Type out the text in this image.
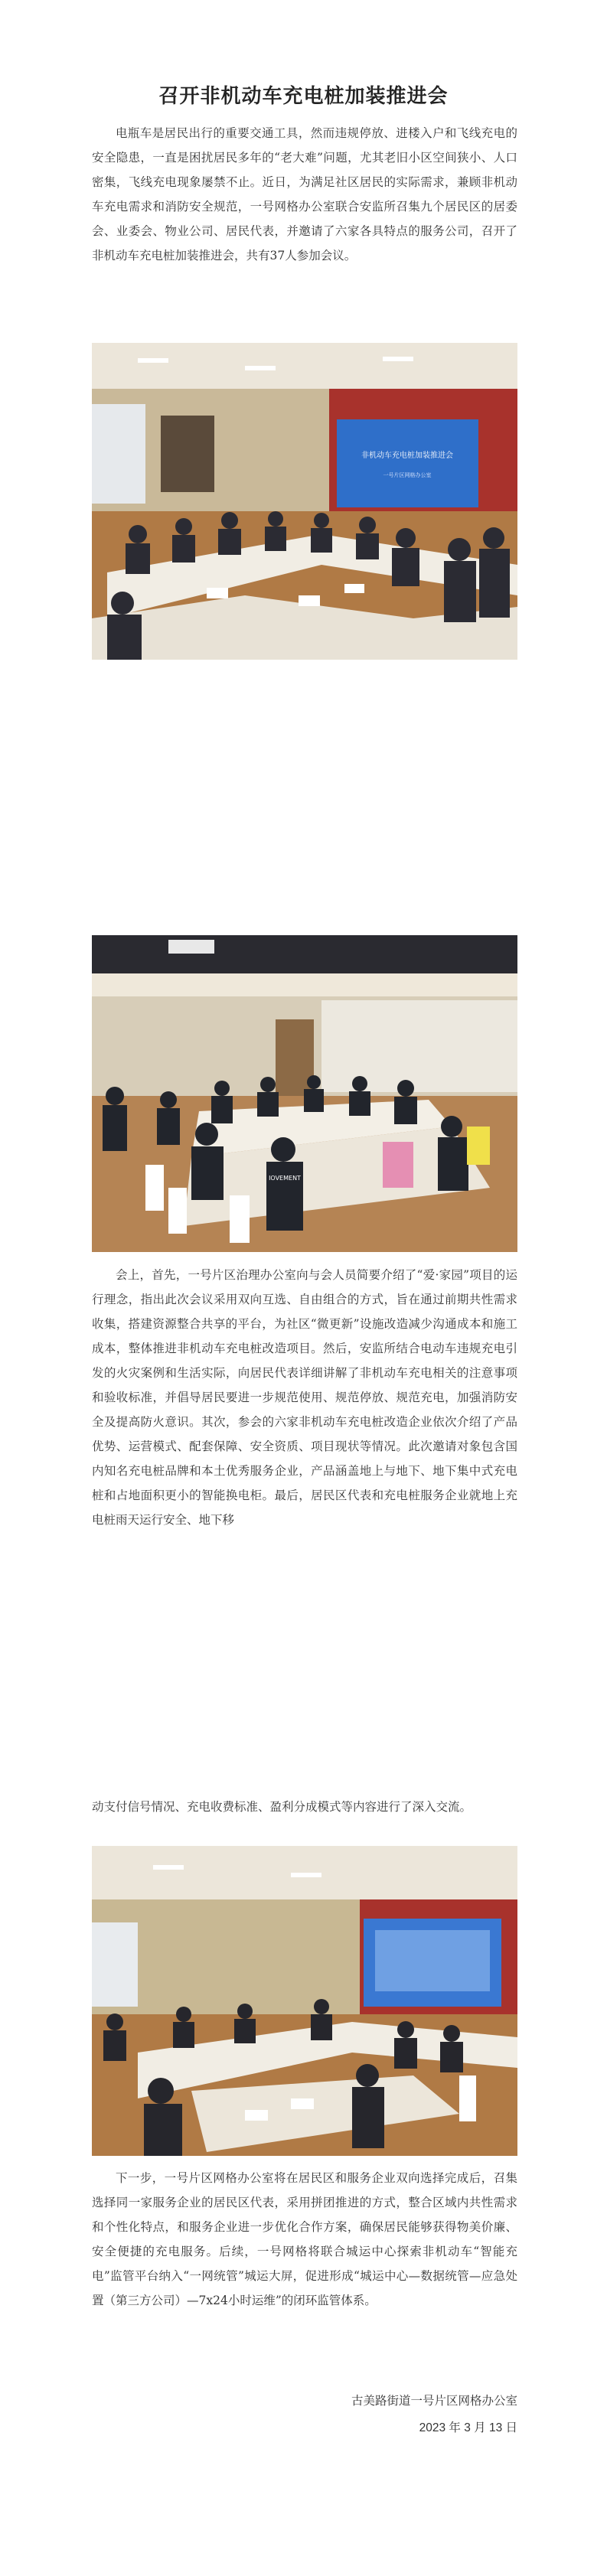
召开非机动车充电桩加装推进会

电瓶车是居民出行的重要交通工具，然而违规停放、进楼入户和飞线充电的安全隐患，一直是困扰居民多年的“老大难”问题，尤其老旧小区空间狭小、人口密集，飞线充电现象屡禁不止。近日，为满足社区居民的实际需求，兼顾非机动车充电需求和消防安全规范，一号网格办公室联合安监所召集九个居民区的居委会、业委会、物业公司、居民代表，并邀请了六家各具特点的服务公司，召开了非机动车充电桩加装推进会，共有37人参加会议。

非机动车充电桩加装推进会
一号片区网格办公室
IOVEMENT

会上，首先，一号片区治理办公室向与会人员简要介绍了“爱·家园”项目的运行理念，指出此次会议采用双向互选、自由组合的方式，旨在通过前期共性需求收集，搭建资源整合共享的平台，为社区“微更新”设施改造减少沟通成本和施工成本，整体推进非机动车充电桩改造项目。然后，安监所结合电动车违规充电引发的火灾案例和生活实际，向居民代表详细讲解了非机动车充电相关的注意事项和验收标准，并倡导居民要进一步规范使用、规范停放、规范充电，加强消防安全及提高防火意识。其次，参会的六家非机动车充电桩改造企业依次介绍了产品优势、运营模式、配套保障、安全资质、项目现状等情况。此次邀请对象包含国内知名充电桩品牌和本土优秀服务企业，产品涵盖地上与地下、地下集中式充电桩和占地面积更小的智能换电柜。最后，居民区代表和充电桩服务企业就地上充电桩雨天运行安全、地下移

动支付信号情况、充电收费标准、盈利分成模式等内容进行了深入交流。

下一步，一号片区网格办公室将在居民区和服务企业双向选择完成后，召集选择同一家服务企业的居民区代表，采用拼团推进的方式，整合区域内共性需求和个性化特点，和服务企业进一步优化合作方案，确保居民能够获得物美价廉、安全便捷的充电服务。后续，一号网格将联合城运中心探索非机动车“智能充电”监管平台纳入“一网统管”城运大屏，促进形成“城运中心—数据统管—应急处置（第三方公司）—7x24小时运维”的闭环监管体系。

古美路街道一号片区网格办公室
2023 年 3 月 13 日
